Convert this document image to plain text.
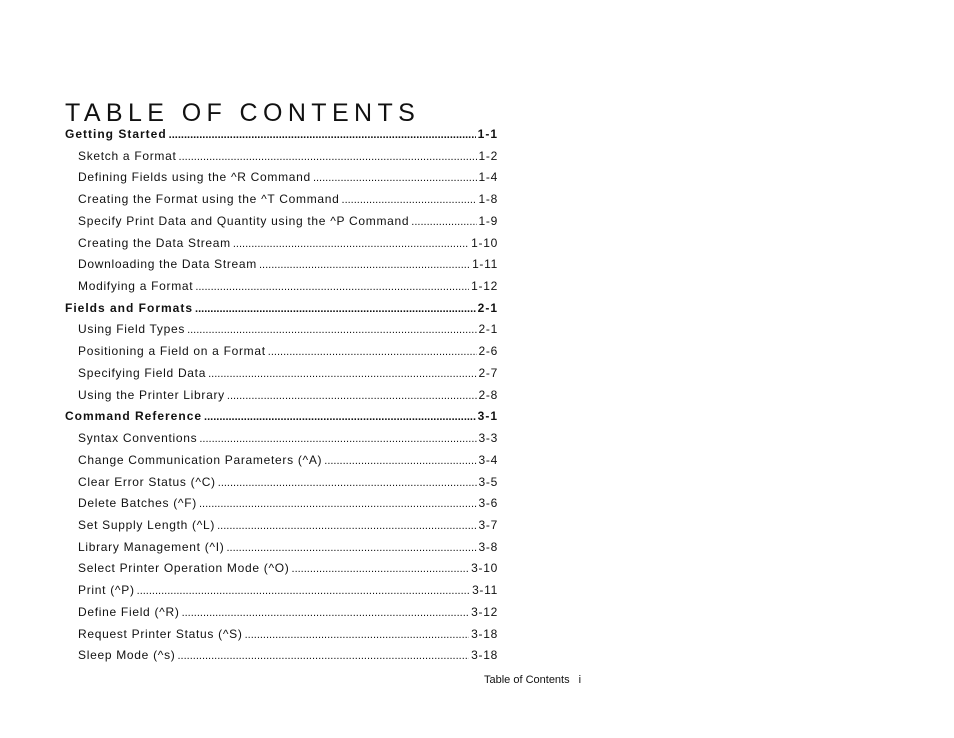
TABLE OF CONTENTS
Getting Started .....	1-1
Sketch a Format .....	1-2
Defining Fields using the ^R Command .....	1-4
Creating the Format using the ^T Command .....	1-8
Specify Print Data and Quantity using the ^P Command .....	1-9
Creating the Data Stream .....	1-10
Downloading the Data Stream .....	1-11
Modifying a Format .....	1-12
Fields and Formats .....	2-1
Using Field Types .....	2-1
Positioning a Field on a Format .....	2-6
Specifying Field Data .....	2-7
Using the Printer Library .....	2-8
Command Reference .....	3-1
Syntax Conventions .....	3-3
Change Communication Parameters (^A) .....	3-4
Clear Error Status (^C) .....	3-5
Delete Batches (^F) .....	3-6
Set Supply Length (^L) .....	3-7
Library Management (^I) .....	3-8
Select Printer Operation Mode (^O) .....	3-10
Print (^P) .....	3-11
Define Field (^R) .....	3-12
Request Printer Status (^S) .....	3-18
Sleep Mode (^s) .....	3-18
Table of Contents i
